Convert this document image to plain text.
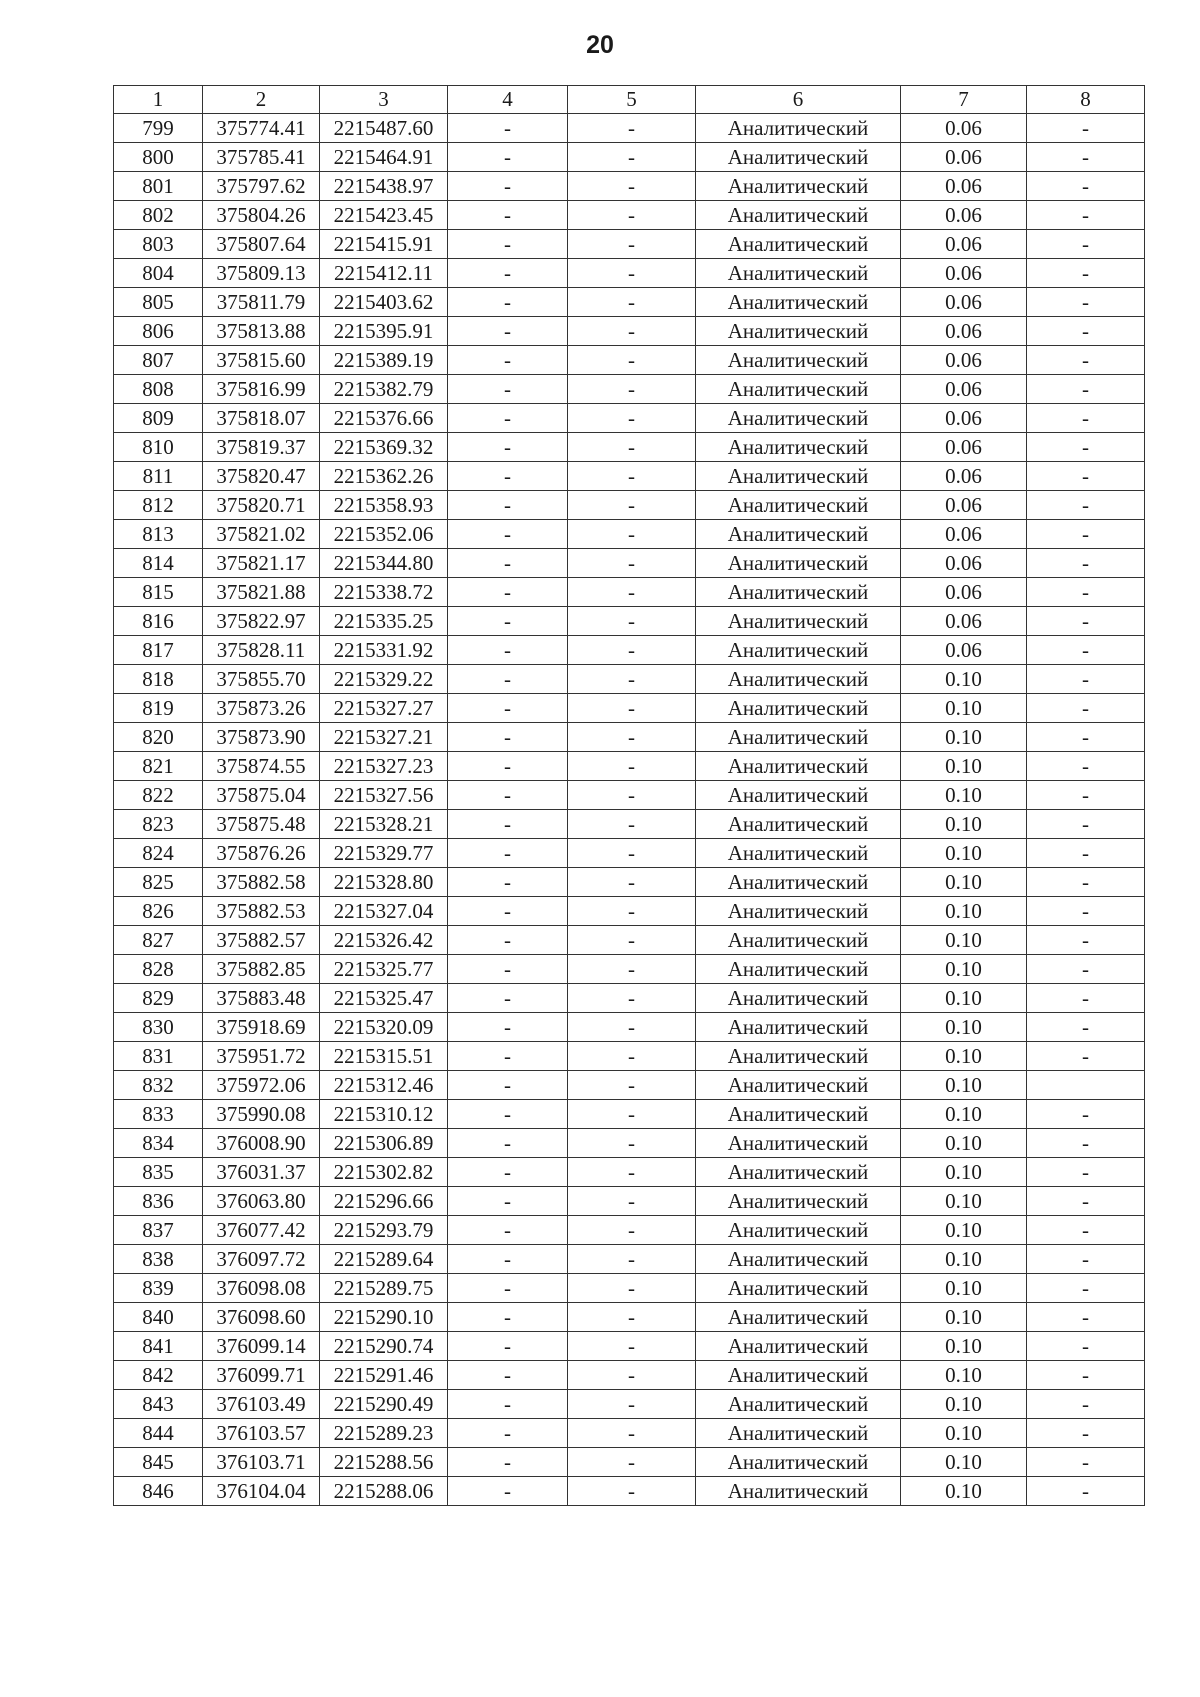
20
1	2	3	4	5	6	7	8
799	375774.41	2215487.60	-	-	Аналитический	0.06	-
800	375785.41	2215464.91	-	-	Аналитический	0.06	-
801	375797.62	2215438.97	-	-	Аналитический	0.06	-
802	375804.26	2215423.45	-	-	Аналитический	0.06	-
803	375807.64	2215415.91	-	-	Аналитический	0.06	-
804	375809.13	2215412.11	-	-	Аналитический	0.06	-
805	375811.79	2215403.62	-	-	Аналитический	0.06	-
806	375813.88	2215395.91	-	-	Аналитический	0.06	-
807	375815.60	2215389.19	-	-	Аналитический	0.06	-
808	375816.99	2215382.79	-	-	Аналитический	0.06	-
809	375818.07	2215376.66	-	-	Аналитический	0.06	-
810	375819.37	2215369.32	-	-	Аналитический	0.06	-
811	375820.47	2215362.26	-	-	Аналитический	0.06	-
812	375820.71	2215358.93	-	-	Аналитический	0.06	-
813	375821.02	2215352.06	-	-	Аналитический	0.06	-
814	375821.17	2215344.80	-	-	Аналитический	0.06	-
815	375821.88	2215338.72	-	-	Аналитический	0.06	-
816	375822.97	2215335.25	-	-	Аналитический	0.06	-
817	375828.11	2215331.92	-	-	Аналитический	0.06	-
818	375855.70	2215329.22	-	-	Аналитический	0.10	-
819	375873.26	2215327.27	-	-	Аналитический	0.10	-
820	375873.90	2215327.21	-	-	Аналитический	0.10	-
821	375874.55	2215327.23	-	-	Аналитический	0.10	-
822	375875.04	2215327.56	-	-	Аналитический	0.10	-
823	375875.48	2215328.21	-	-	Аналитический	0.10	-
824	375876.26	2215329.77	-	-	Аналитический	0.10	-
825	375882.58	2215328.80	-	-	Аналитический	0.10	-
826	375882.53	2215327.04	-	-	Аналитический	0.10	-
827	375882.57	2215326.42	-	-	Аналитический	0.10	-
828	375882.85	2215325.77	-	-	Аналитический	0.10	-
829	375883.48	2215325.47	-	-	Аналитический	0.10	-
830	375918.69	2215320.09	-	-	Аналитический	0.10	-
831	375951.72	2215315.51	-	-	Аналитический	0.10	-
832	375972.06	2215312.46	-	-	Аналитический	0.10	
833	375990.08	2215310.12	-	-	Аналитический	0.10	-
834	376008.90	2215306.89	-	-	Аналитический	0.10	-
835	376031.37	2215302.82	-	-	Аналитический	0.10	-
836	376063.80	2215296.66	-	-	Аналитический	0.10	-
837	376077.42	2215293.79	-	-	Аналитический	0.10	-
838	376097.72	2215289.64	-	-	Аналитический	0.10	-
839	376098.08	2215289.75	-	-	Аналитический	0.10	-
840	376098.60	2215290.10	-	-	Аналитический	0.10	-
841	376099.14	2215290.74	-	-	Аналитический	0.10	-
842	376099.71	2215291.46	-	-	Аналитический	0.10	-
843	376103.49	2215290.49	-	-	Аналитический	0.10	-
844	376103.57	2215289.23	-	-	Аналитический	0.10	-
845	376103.71	2215288.56	-	-	Аналитический	0.10	-
846	376104.04	2215288.06	-	-	Аналитический	0.10	-
